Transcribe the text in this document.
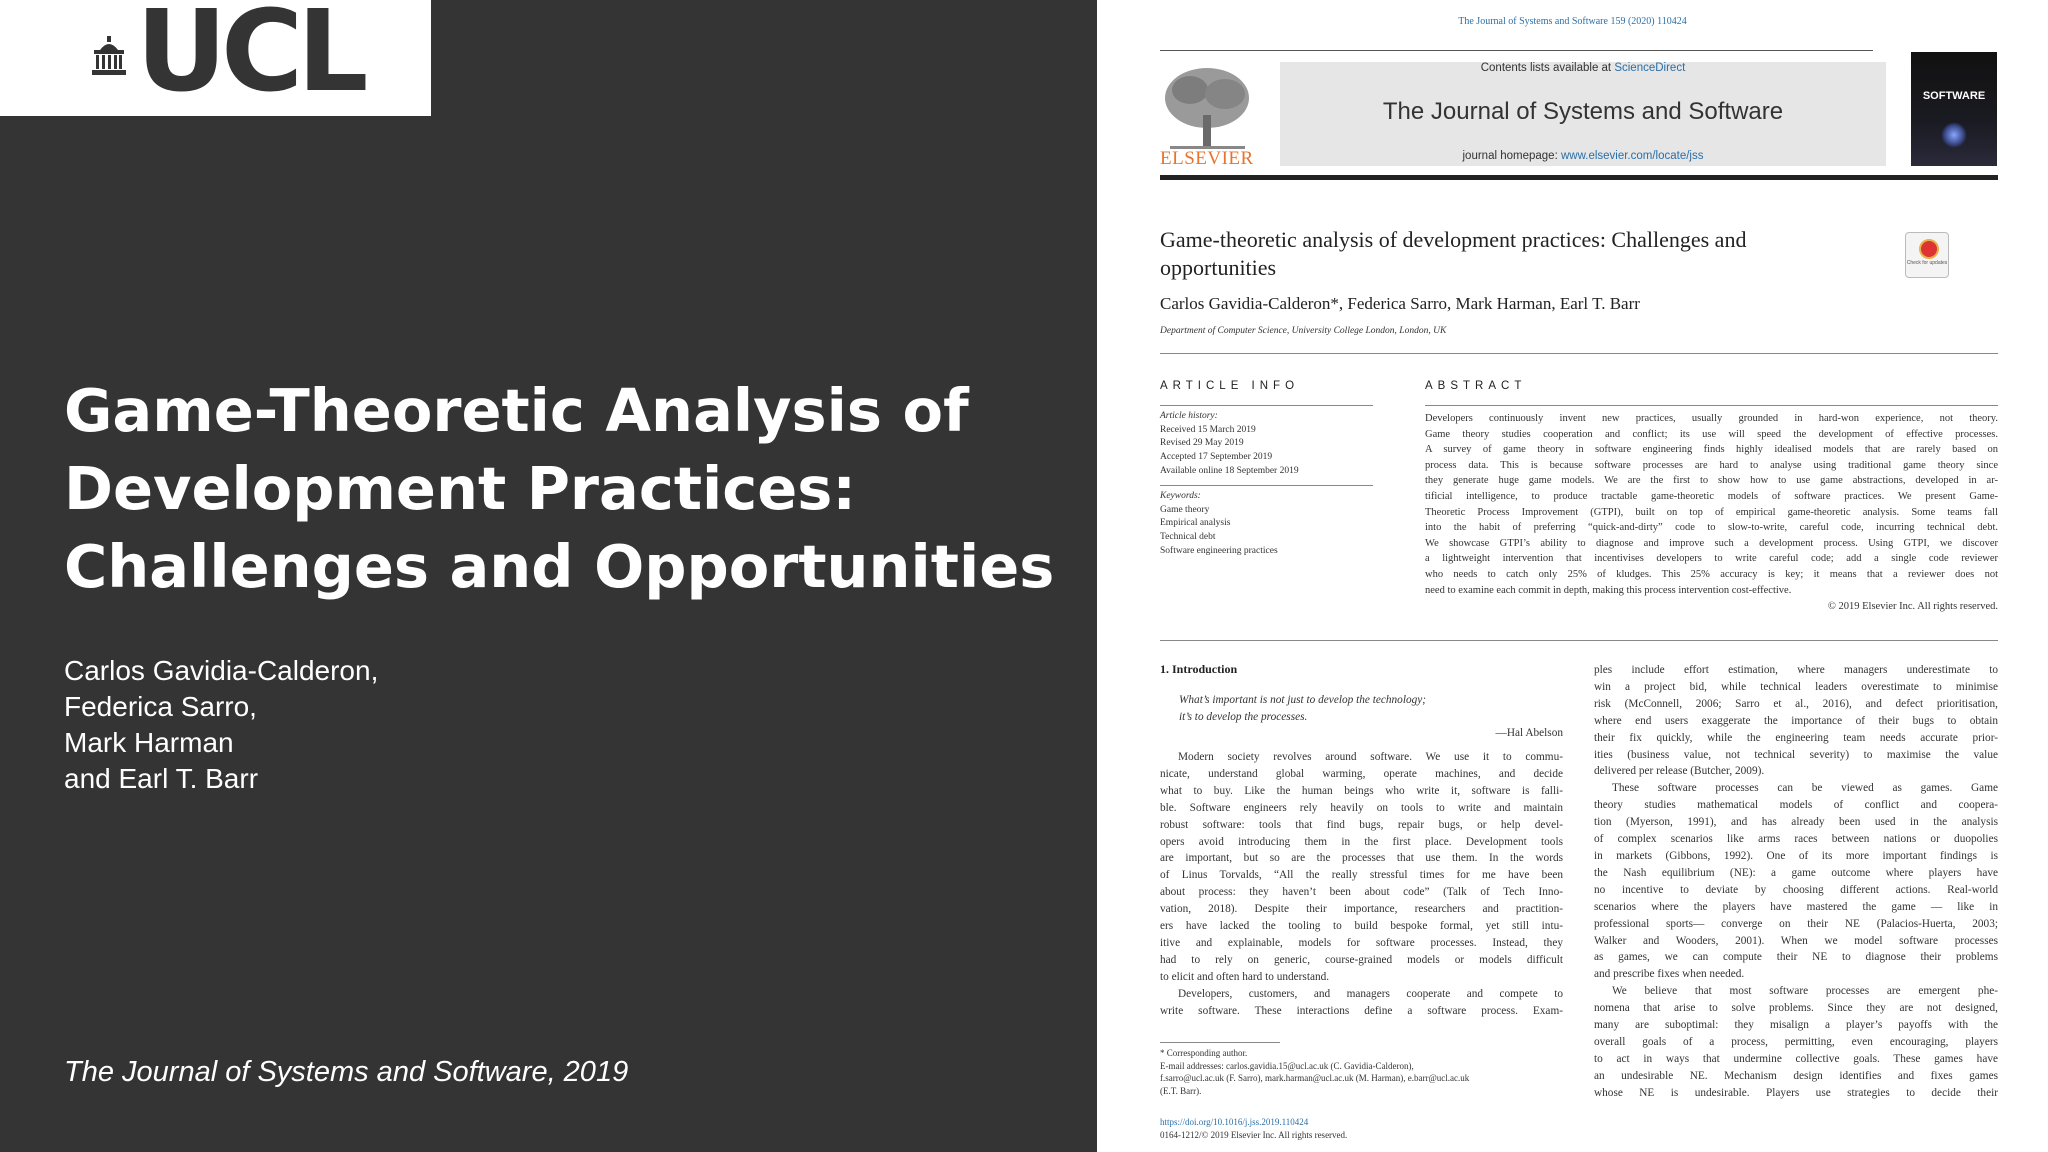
UCL
Game-Theoretic Analysis of
Development Practices:
Challenges and Opportunities
Carlos Gavidia-Calderon,
Federica Sarro,
Mark Harman
and Earl T. Barr
The Journal of Systems and Software, 2019
The Journal of Systems and Software 159 (2020) 110424
ELSEVIER
Contents lists available at ScienceDirect
The Journal of Systems and Software
journal homepage: www.elsevier.com/locate/jss
SOFTWARE
Game-theoretic analysis of development practices: Challenges and
opportunities	Check for updates
Carlos Gavidia-Calderon*, Federica Sarro, Mark Harman, Earl T. Barr
Department of Computer Science, University College London, London, UK
ARTICLE INFO
Article history:
Received 15 March 2019
Revised 29 May 2019
Accepted 17 September 2019
Available online 18 September 2019
Keywords:
Game theory
Empirical analysis
Technical debt
Software engineering practices
ABSTRACT
Developers continuously invent new practices, usually grounded in hard-won experience, not theory.
Game theory studies cooperation and conflict; its use will speed the development of effective processes.
A survey of game theory in software engineering finds highly idealised models that are rarely based on
process data. This is because software processes are hard to analyse using traditional game theory since
they generate huge game models. We are the first to show how to use game abstractions, developed in ar-
tificial intelligence, to produce tractable game-theoretic models of software practices. We present Game-
Theoretic Process Improvement (GTPI), built on top of empirical game-theoretic analysis. Some teams fall
into the habit of preferring “quick-and-dirty” code to slow-to-write, careful code, incurring technical debt.
We showcase GTPI’s ability to diagnose and improve such a development process. Using GTPI, we discover
a lightweight intervention that incentivises developers to write careful code; add a single code reviewer
who needs to catch only 25% of kludges. This 25% accuracy is key; it means that a reviewer does not
need to examine each commit in depth, making this process intervention cost-effective.
© 2019 Elsevier Inc. All rights reserved.
1. Introduction
What’s important is not just to develop the technology;
it’s to develop the processes.
—Hal Abelson
Modern society revolves around software. We use it to commu-
nicate, understand global warming, operate machines, and decide
what to buy. Like the human beings who write it, software is falli-
ble. Software engineers rely heavily on tools to write and maintain
robust software: tools that find bugs, repair bugs, or help devel-
opers avoid introducing them in the first place. Development tools
are important, but so are the processes that use them. In the words
of Linus Torvalds, “All the really stressful times for me have been
about process: they haven’t been about code” (Talk of Tech Inno-
vation, 2018). Despite their importance, researchers and practition-
ers have lacked the tooling to build bespoke formal, yet still intu-
itive and explainable, models for software processes. Instead, they
had to rely on generic, course-grained models or models difficult
to elicit and often hard to understand.
Developers, customers, and managers cooperate and compete to
write software. These interactions define a software process. Exam-
ples include effort estimation, where managers underestimate to
win a project bid, while technical leaders overestimate to minimise
risk (McConnell, 2006; Sarro et al., 2016), and defect prioritisation,
where end users exaggerate the importance of their bugs to obtain
their fix quickly, while the engineering team needs accurate prior-
ities (business value, not technical severity) to maximise the value
delivered per release (Butcher, 2009).
These software processes can be viewed as games. Game
theory studies mathematical models of conflict and coopera-
tion (Myerson, 1991), and has already been used in the analysis
of complex scenarios like arms races between nations or duopolies
in markets (Gibbons, 1992). One of its more important findings is
the Nash equilibrium (NE): a game outcome where players have
no incentive to deviate by choosing different actions. Real-world
scenarios where the players have mastered the game — like in
professional sports— converge on their NE (Palacios-Huerta, 2003;
Walker and Wooders, 2001). When we model software processes
as games, we can compute their NE to diagnose their problems
and prescribe fixes when needed.
We believe that most software processes are emergent phe-
nomena that arise to solve problems. Since they are not designed,
many are suboptimal: they misalign a player’s payoffs with the
overall goals of a process, permitting, even encouraging, players
to act in ways that undermine collective goals. These games have
an undesirable NE. Mechanism design identifies and fixes games
whose NE is undesirable. Players use strategies to decide their
* Corresponding author.
E-mail addresses: carlos.gavidia.15@ucl.ac.uk (C. Gavidia-Calderon),
f.sarro@ucl.ac.uk (F. Sarro), mark.harman@ucl.ac.uk (M. Harman), e.barr@ucl.ac.uk
(E.T. Barr).
https://doi.org/10.1016/j.jss.2019.110424
0164-1212/© 2019 Elsevier Inc. All rights reserved.
